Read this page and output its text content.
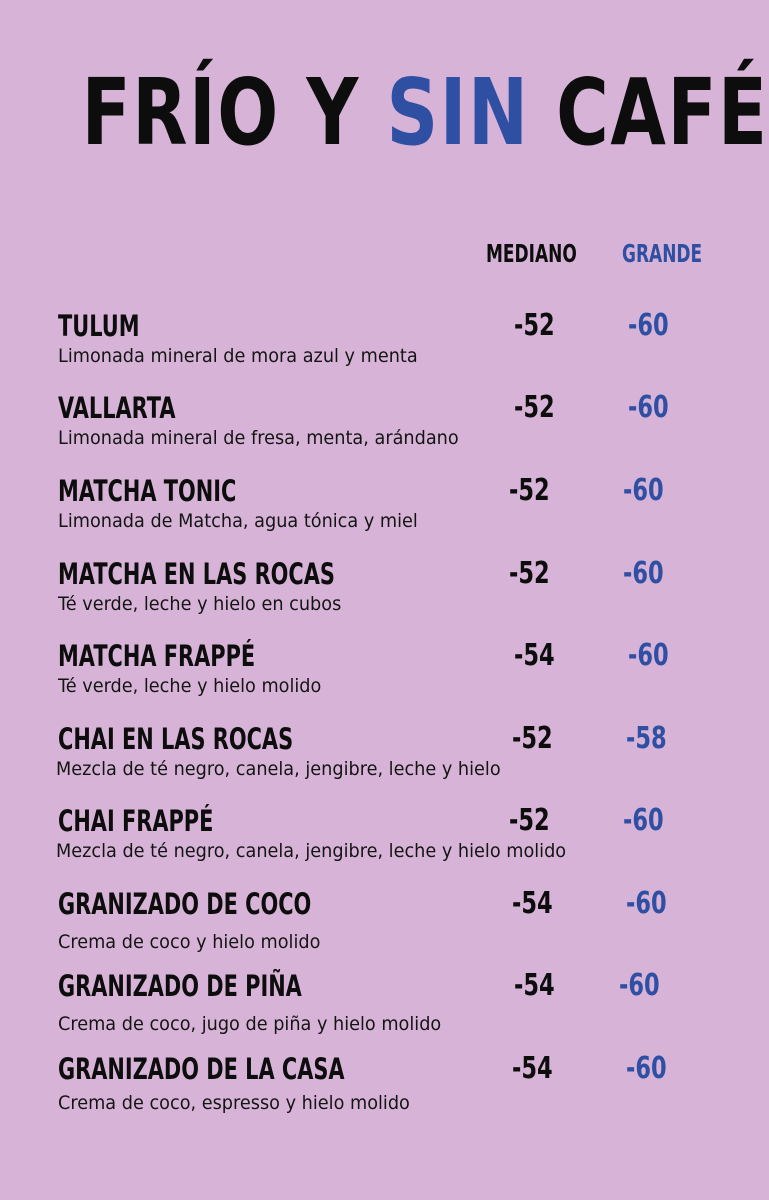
FRÍO Y SIN CAFÉ
MEDIANO GRANDE
TULUM	-52 -60
Limonada mineral de mora azul y menta
VALLARTA	-52 -60
Limonada mineral de fresa, menta, arándano
MATCHA TONIC	-52 -60
Limonada de Matcha, agua tónica y miel
MATCHA EN LAS ROCAS	-52 -60
Té verde, leche y hielo en cubos
MATCHA FRAPPÉ	-54 -60
Té verde, leche y hielo molido
CHAI EN LAS ROCAS	-52 -58
Mezcla de té negro, canela, jengibre, leche y hielo
CHAI FRAPPÉ	-52 -60
Mezcla de té negro, canela, jengibre, leche y hielo molido
GRANIZADO DE COCO	-54 -60
Crema de coco y hielo molido
GRANIZADO DE PIÑA	-54 -60
Crema de coco, jugo de piña y hielo molido
GRANIZADO DE LA CASA	-54 -60
Crema de coco, espresso y hielo molido
